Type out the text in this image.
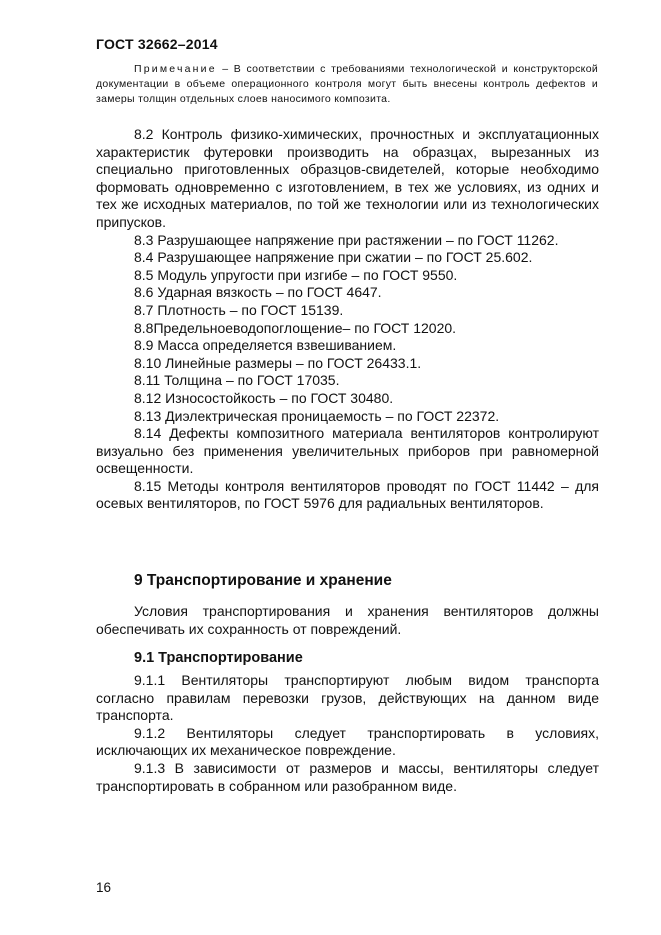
ГОСТ 32662–2014
Примечание – В соответствии с требованиями технологической и конструкторской документации в объеме операционного контроля могут быть внесены контроль дефектов и замеры толщин отдельных слоев наносимого композита.

8.2 Контроль физико-химических, прочностных и эксплуатационных характеристик футеровки производить на образцах, вырезанных из специально приготовленных образцов-свидетелей, которые необходимо формовать одновременно с изготовлением, в тех же условиях, из одних и тех же исходных материалов, по той же технологии или из технологических припусков.

8.3 Разрушающее напряжение при растяжении – по ГОСТ 11262.

8.4 Разрушающее напряжение при сжатии – по ГОСТ 25.602.

8.5 Модуль упругости при изгибе – по ГОСТ 9550.

8.6 Ударная вязкость – по ГОСТ 4647.

8.7 Плотность – по ГОСТ 15139.

8.8Предельноеводопоглощение– по ГОСТ 12020.

8.9 Масса определяется взвешиванием.

8.10 Линейные размеры – по ГОСТ 26433.1.

8.11 Толщина – по ГОСТ 17035.

8.12 Износостойкость – по ГОСТ 30480.

8.13 Диэлектрическая проницаемость – по ГОСТ 22372.

8.14 Дефекты композитного материала вентиляторов контролируют визуально без применения увеличительных приборов при равномерной освещенности.

8.15 Методы контроля вентиляторов проводят по ГОСТ 11442 – для осевых вентиляторов, по ГОСТ 5976 для радиальных вентиляторов.

9 Транспортирование и хранение

Условия транспортирования и хранения вентиляторов должны обеспечивать их сохранность от повреждений.

9.1 Транспортирование

9.1.1 Вентиляторы транспортируют любым видом транспорта согласно правилам перевозки грузов, действующих на данном виде транспорта.

9.1.2 Вентиляторы следует транспортировать в условиях, исключающих их механическое повреждение.

9.1.3 В зависимости от размеров и массы, вентиляторы следует транспортировать в собранном или разобранном виде.

16
